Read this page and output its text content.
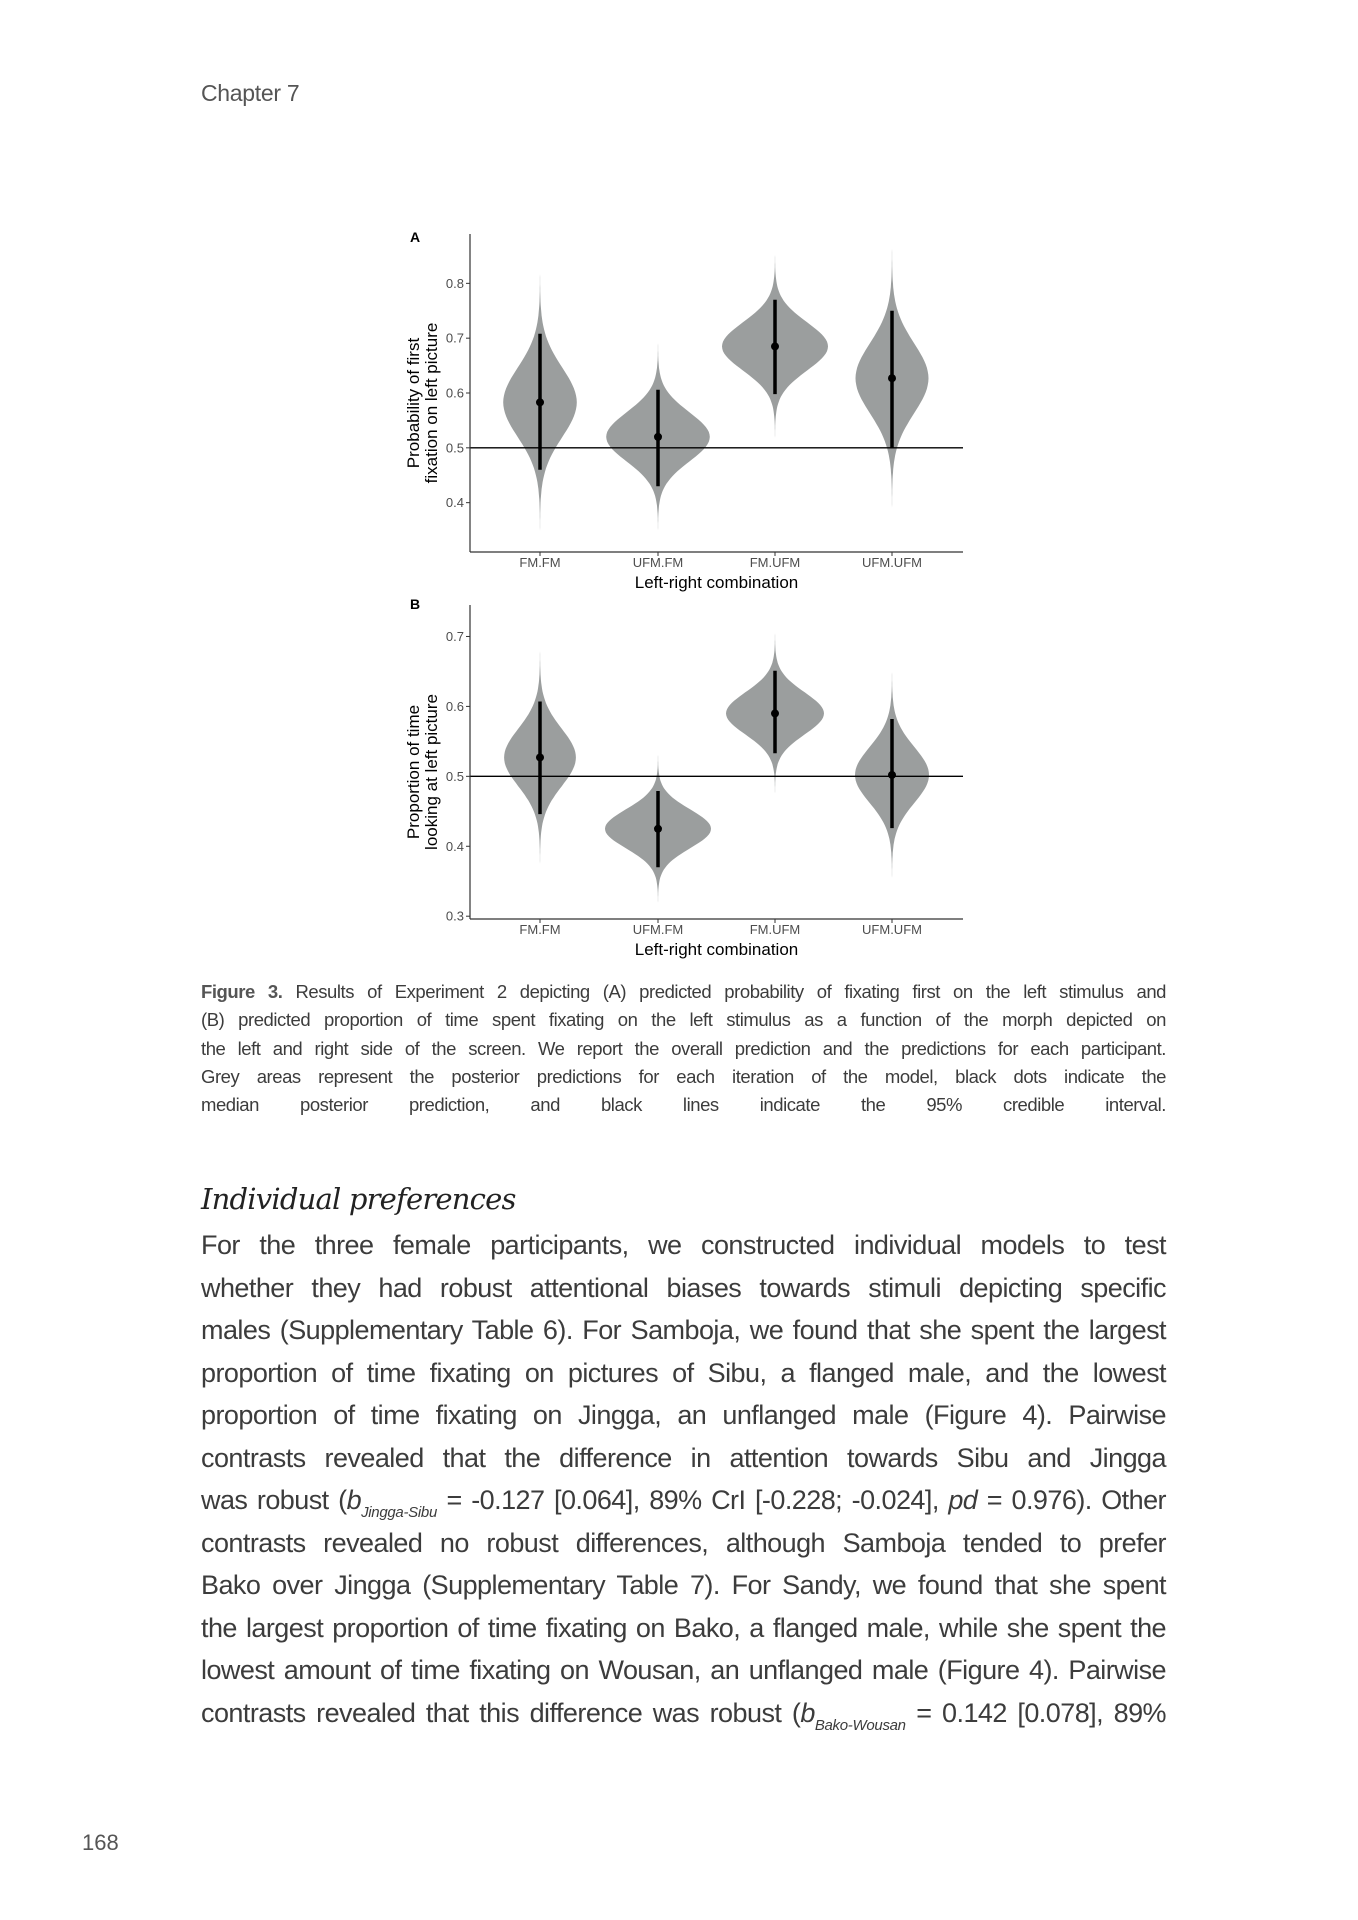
Chapter 7
A
0.4
0.5
0.6
0.7
0.8
FM.FM	UFM.FM	FM.UFM	UFM.UFM
Left-right combination
Probability of first fixation on left picture
B
0.3
0.4
0.5
0.6
0.7
FM.FM	UFM.FM	FM.UFM	UFM.UFM
Left-right combination
Proportion of time looking at left picture
Figure 3. Results of Experiment 2 depicting (A) predicted probability of fixating first on the left stimulus and
(B) predicted proportion of time spent fixating on the left stimulus as a function of the morph depicted on
the left and right side of the screen. We report the overall prediction and the predictions for each participant.
Grey areas represent the posterior predictions for each iteration of the model, black dots indicate the
median posterior prediction, and black lines indicate the 95% credible interval.
Individual preferences
For the three female participants, we constructed individual models to test
whether they had robust attentional biases towards stimuli depicting specific
males (Supplementary Table 6). For Samboja, we found that she spent the largest
proportion of time fixating on pictures of Sibu, a flanged male, and the lowest
proportion of time fixating on Jingga, an unflanged male (Figure 4). Pairwise
contrasts revealed that the difference in attention towards Sibu and Jingga
was robust ($b_{Jingga-Sibu} = -0.127$ [0.064], 89% CrI [-0.228; -0.024], pd = 0.976). Other
contrasts revealed no robust differences, although Samboja tended to prefer
Bako over Jingga (Supplementary Table 7). For Sandy, we found that she spent
the largest proportion of time fixating on Bako, a flanged male, while she spent the
lowest amount of time fixating on Wousan, an unflanged male (Figure 4). Pairwise
contrasts revealed that this difference was robust ($b_{Bako-Wousan} = 0.142$ [0.078], 89%
168
